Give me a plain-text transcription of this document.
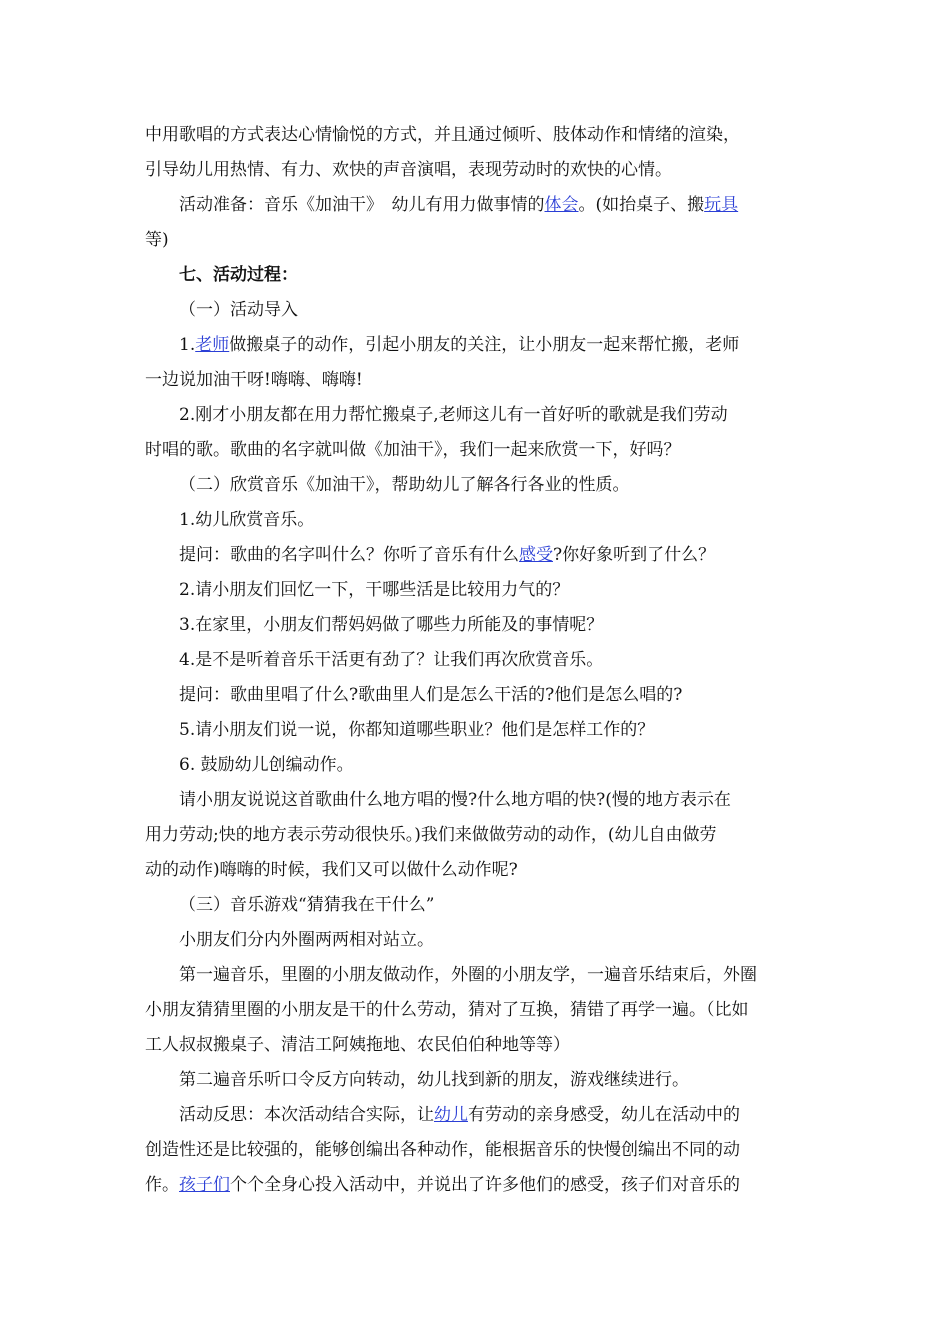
中用歌唱的方式表达心情愉悦的方式，并且通过倾听、肢体动作和情绪的渲染，
引导幼儿用热情、有力、欢快的声音演唱，表现劳动时的欢快的心情。
活动准备：音乐《加油干》　幼儿有用力做事情的体会。(如抬桌子、搬玩具
等)
七、活动过程：
（一）活动导入
1.老师做搬桌子的动作，引起小朋友的关注，让小朋友一起来帮忙搬，老师
一边说加油干呀!嗨嗨、嗨嗨!
2.刚才小朋友都在用力帮忙搬桌子,老师这儿有一首好听的歌就是我们劳动
时唱的歌。歌曲的名字就叫做《加油干》，我们一起来欣赏一下，好吗？
（二）欣赏音乐《加油干》，帮助幼儿了解各行各业的性质。
1.幼儿欣赏音乐。
提问：歌曲的名字叫什么？你听了音乐有什么感受?你好象听到了什么？
2.请小朋友们回忆一下，干哪些活是比较用力气的？
3.在家里，小朋友们帮妈妈做了哪些力所能及的事情呢？
4.是不是听着音乐干活更有劲了？让我们再次欣赏音乐。
提问：歌曲里唱了什么?歌曲里人们是怎么干活的?他们是怎么唱的?
5.请小朋友们说一说，你都知道哪些职业？他们是怎样工作的？
6. 鼓励幼儿创编动作。
请小朋友说说这首歌曲什么地方唱的慢?什么地方唱的快?(慢的地方表示在
用力劳动;快的地方表示劳动很快乐。)我们来做做劳动的动作，(幼儿自由做劳
动的动作)嗨嗨的时候，我们又可以做什么动作呢?
（三）音乐游戏“猜猜我在干什么”
小朋友们分内外圈两两相对站立。
第一遍音乐，里圈的小朋友做动作，外圈的小朋友学，一遍音乐结束后，外圈
小朋友猜猜里圈的小朋友是干的什么劳动，猜对了互换，猜错了再学一遍。（比如
工人叔叔搬桌子、清洁工阿姨拖地、农民伯伯种地等等）
第二遍音乐听口令反方向转动，幼儿找到新的朋友，游戏继续进行。
活动反思：本次活动结合实际，让幼儿有劳动的亲身感受，幼儿在活动中的
创造性还是比较强的，能够创编出各种动作，能根据音乐的快慢创编出不同的动
作。孩子们个个全身心投入活动中，并说出了许多他们的感受，孩子们对音乐的
